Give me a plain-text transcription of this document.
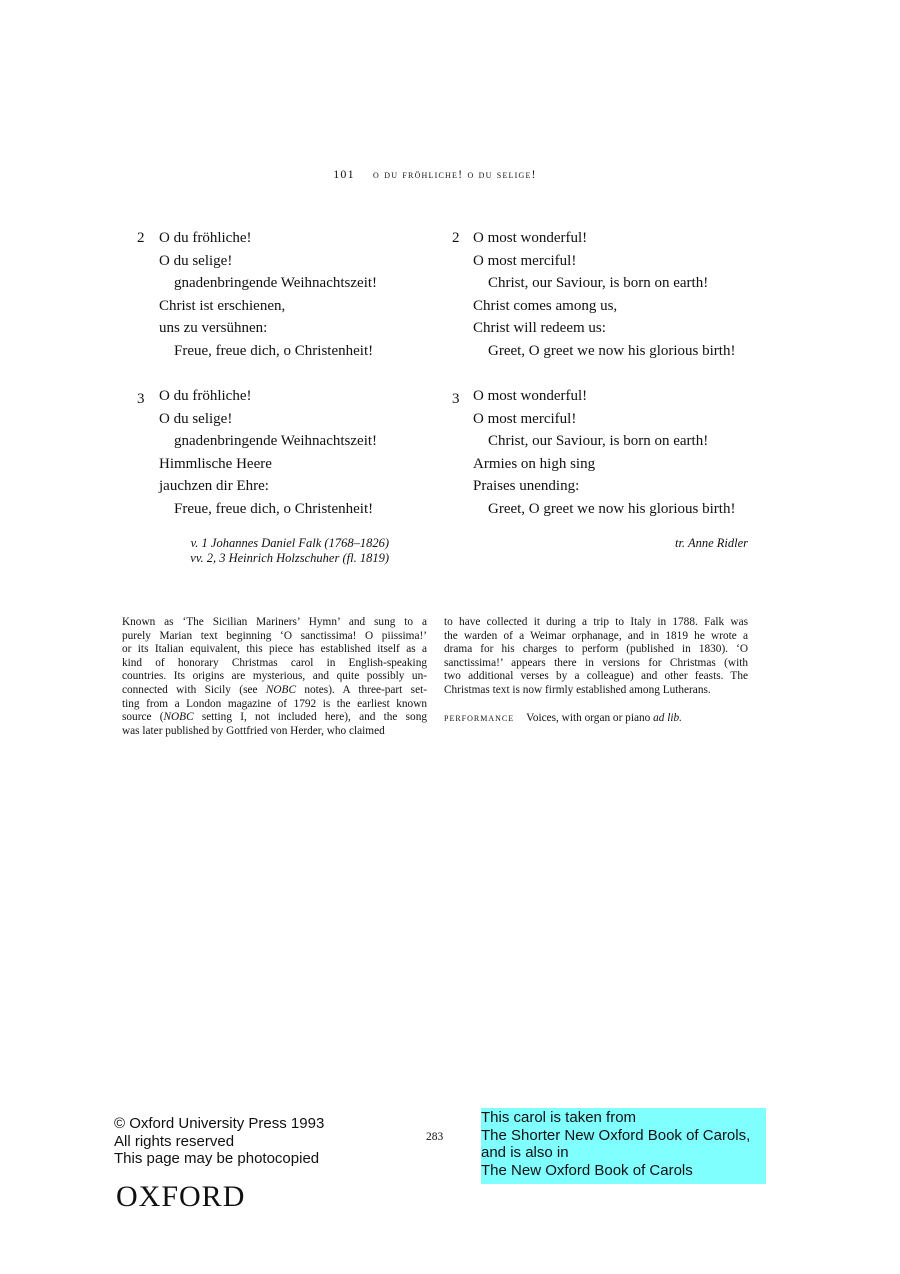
101 o du fröhliche! o du selige!
2 O du fröhliche!
O du selige!
gnadenbringende Weihnachtszeit!
Christ ist erschienen,
uns zu versühnen:
Freue, freue dich, o Christenheit!
3 O du fröhliche!
O du selige!
gnadenbringende Weihnachtszeit!
Himmlische Heere
jauchzen dir Ehre:
Freue, freue dich, o Christenheit!
2 O most wonderful!
O most merciful!
Christ, our Saviour, is born on earth!
Christ comes among us,
Christ will redeem us:
Greet, O greet we now his glorious birth!
3 O most wonderful!
O most merciful!
Christ, our Saviour, is born on earth!
Armies on high sing
Praises unending:
Greet, O greet we now his glorious birth!
v. 1 Johannes Daniel Falk (1768–1826)
vv. 2, 3 Heinrich Holzschuher (fl. 1819)
tr. Anne Ridler
Known as ‘The Sicilian Mariners’ Hymn’ and sung to a
purely Marian text beginning ‘O sanctissima! O piissima!’
or its Italian equivalent, this piece has established itself as a
kind of honorary Christmas carol in English-speaking
countries. Its origins are mysterious, and quite possibly un-
connected with Sicily (see NOBC notes). A three-part set-
ting from a London magazine of 1792 is the earliest known
source (NOBC setting I, not included here), and the song
was later published by Gottfried von Herder, who claimed
to have collected it during a trip to Italy in 1788. Falk was
the warden of a Weimar orphanage, and in 1819 he wrote a
drama for his charges to perform (published in 1830). ‘O
sanctissima!’ appears there in versions for Christmas (with
two additional verses by a colleague) and other feasts. The
Christmas text is now firmly established among Lutherans.
performance Voices, with organ or piano ad lib.
© Oxford University Press 1993
All rights reserved
This page may be photocopied
283
This carol is taken from
The Shorter New Oxford Book of Carols,
and is also in
The New Oxford Book of Carols
OXFORD
